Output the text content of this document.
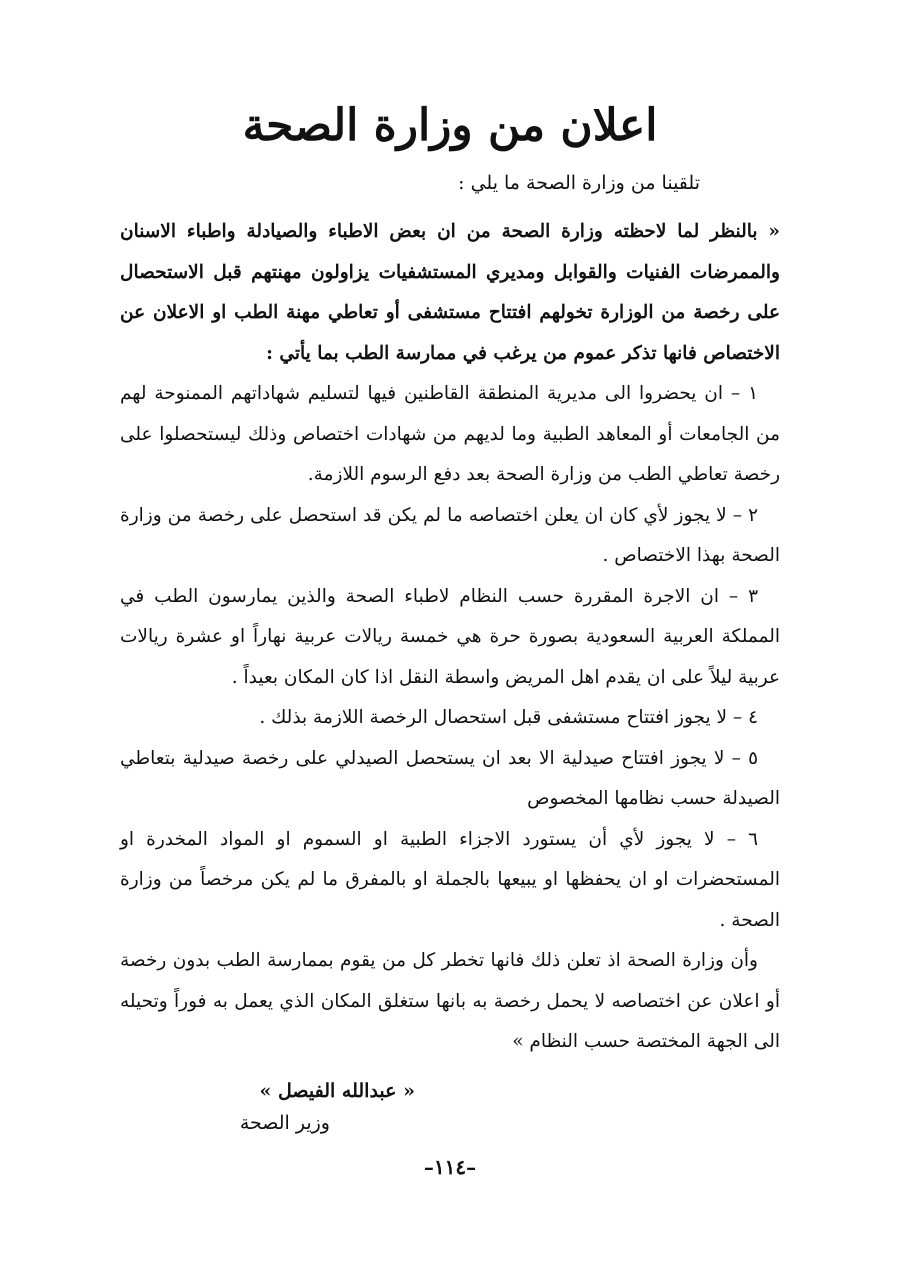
اعلان من وزارة الصحة

تلقينا من وزارة الصحة ما يلي :

« بالنظر لما لاحظته وزارة الصحة من ان بعض الاطباء والصيادلة واطباء الاسنان والممرضات الفنيات والقوابل ومديري المستشفيات يزاولون مهنتهم قبل الاستحصال على رخصة من الوزارة تخولهم افتتاح مستشفى أو تعاطي مهنة الطب او الاعلان عن الاختصاص فانها تذكر عموم من يرغب في ممارسة الطب بما يأتي :

١ – ان يحضروا الى مديرية المنطقة القاطنين فيها لتسليم شهاداتهم الممنوحة لهم من الجامعات أو المعاهد الطبية وما لديهم من شهادات اختصاص وذلك ليستحصلوا على رخصة تعاطي الطب من وزارة الصحة بعد دفع الرسوم اللازمة.

٢ – لا يجوز لأي كان ان يعلن اختصاصه ما لم يكن قد استحصل على رخصة من وزارة الصحة بهذا الاختصاص .

٣ – ان الاجرة المقررة حسب النظام لاطباء الصحة والذين يمارسون الطب في المملكة العربية السعودية بصورة حرة هي خمسة ريالات عربية نهاراً او عشرة ريالات عربية ليلاً على ان يقدم اهل المريض واسطة النقل اذا كان المكان بعيداً .

٤ – لا يجوز افتتاح مستشفى قبل استحصال الرخصة اللازمة بذلك .

٥ – لا يجوز افتتاح صيدلية الا بعد ان يستحصل الصيدلي على رخصة صيدلية بتعاطي الصيدلة حسب نظامها المخصوص

٦ – لا يجوز لأي أن يستورد الاجزاء الطبية او السموم او المواد المخدرة او المستحضرات او ان يحفظها او يبيعها بالجملة او بالمفرق ما لم يكن مرخصاً من وزارة الصحة .

وأن وزارة الصحة اذ تعلن ذلك فانها تخطر كل من يقوم بممارسة الطب بدون رخصة أو اعلان عن اختصاصه لا يحمل رخصة به بانها ستغلق المكان الذي يعمل به فوراً وتحيله الى الجهة المختصة حسب النظام »

« عبدالله الفيصل »

وزير الصحة

–١١٤–
